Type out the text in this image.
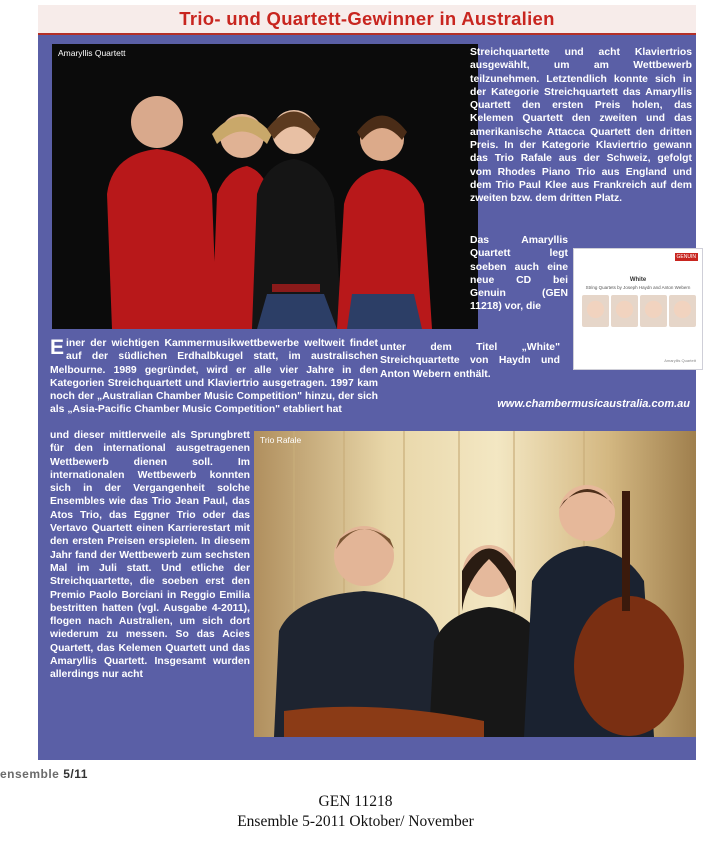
Trio- und Quartett-Gewinner in Australien
Amaryllis Quartett	Streichquartette und acht Klaviertrios ausgewählt, um am Wettbewerb teilzunehmen. Letztendlich konnte sich in der Kategorie Streichquartett das Amaryllis Quartett den ersten Preis holen, das Kelemen Quartett den zweiten und das amerikanische Attacca Quartett den dritten Preis. In der Kategorie Klaviertrio gewann das Trio Rafale aus der Schweiz, gefolgt vom Rhodes Piano Trio aus England und dem Trio Paul Klee aus Frankreich auf dem zweiten bzw. dem dritten Platz.
Das Amaryllis Quartett legt soeben auch eine neue CD bei Genuin (GEN 11218) vor, die
GENUIN
White
String Quartets by Joseph Haydn and Anton Webern
Amaryllis Quartett
unter dem Titel „White" Streichquartette von Haydn und Anton Webern enthält.
Einer der wichtigen Kammermusikwettbewerbe weltweit findet auf der südlichen Erdhalbkugel statt, im australischen Melbourne. 1989 gegründet, wird er alle vier Jahre in den Kategorien Streichquartett und Klaviertrio ausgetragen. 1997 kam noch der „Australian Chamber Music Competition" hinzu, der sich als „Asia-Pacific Chamber Music Competition" etabliert hat	www.chambermusicaustralia.com.au
und dieser mittlerweile als Sprungbrett für den international ausgetragenen Wettbewerb dienen soll. Im internationalen Wettbewerb konnten sich in der Vergangenheit solche Ensembles wie das Trio Jean Paul, das Atos Trio, das Eggner Trio oder das Vertavo Quartett einen Karrierestart mit den ersten Preisen erspielen. In diesem Jahr fand der Wettbewerb zum sechsten Mal im Juli statt. Und etliche der Streichquartette, die soeben erst den Premio Paolo Borciani in Reggio Emilia bestritten hatten (vgl. Ausgabe 4-2011), flogen nach Australien, um sich dort wiederum zu messen. So das Acies Quartett, das Kelemen Quartett und das Amaryllis Quartett. Insgesamt wurden allerdings nur acht
Trio Rafale
ensemble 5/11
GEN 11218
Ensemble 5-2011 Oktober/ November
